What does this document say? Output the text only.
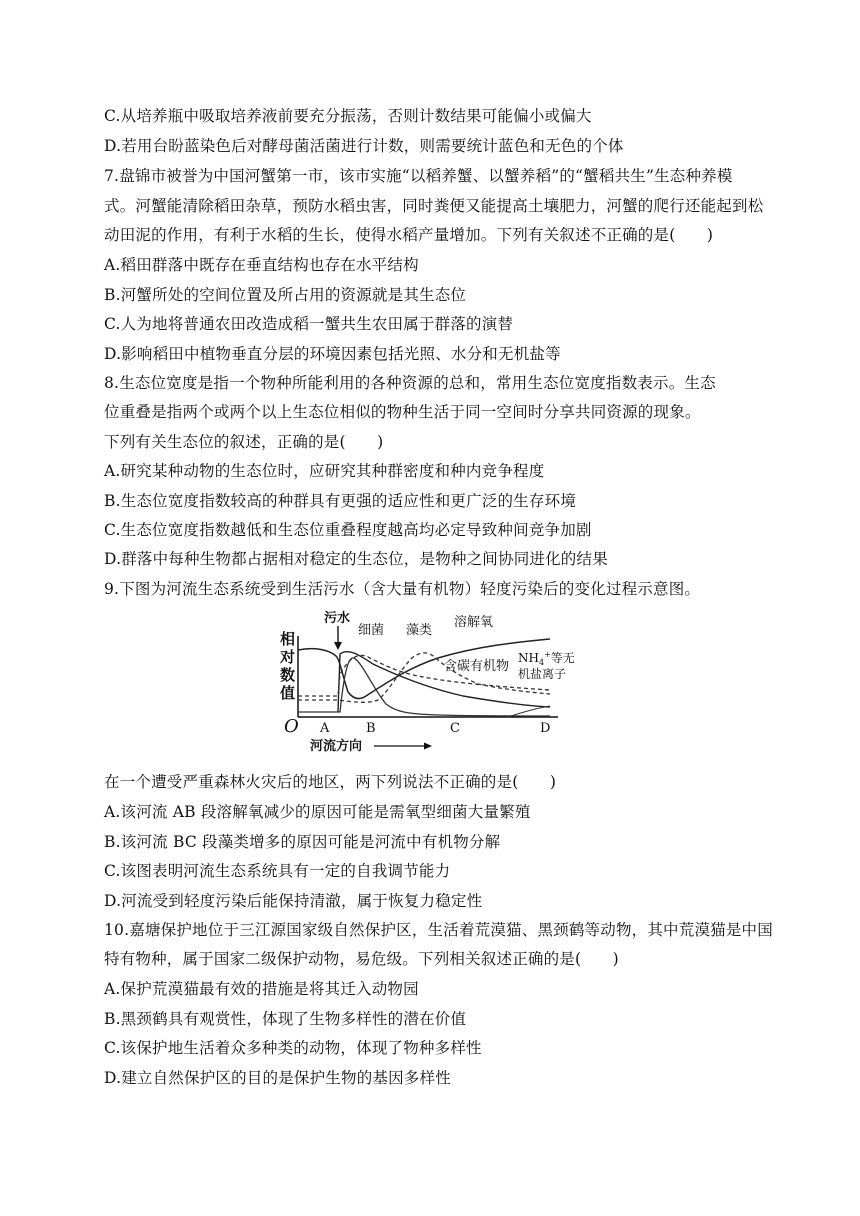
C.从培养瓶中吸取培养液前要充分振荡，否则计数结果可能偏小或偏大
D.若用台盼蓝染色后对酵母菌活菌进行计数，则需要统计蓝色和无色的个体
7.盘锦市被誉为中国河蟹第一市，该市实施“以稻养蟹、以蟹养稻”的“蟹稻共生”生态种养模
式。河蟹能清除稻田杂草，预防水稻虫害，同时粪便又能提高土壤肥力，河蟹的爬行还能起到松
动田泥的作用，有利于水稻的生长，使得水稻产量增加。下列有关叙述不正确的是(　　)
A.稻田群落中既存在垂直结构也存在水平结构
B.河蟹所处的空间位置及所占用的资源就是其生态位
C.人为地将普通农田改造成稻一蟹共生农田属于群落的演替
D.影响稻田中植物垂直分层的环境因素包括光照、水分和无机盐等
8.生态位宽度是指一个物种所能利用的各种资源的总和，常用生态位宽度指数表示。生态
位重叠是指两个或两个以上生态位相似的物种生活于同一空间时分享共同资源的现象。
下列有关生态位的叙述，正确的是(　　)
A.研究某种动物的生态位时，应研究其种群密度和种内竞争程度
B.生态位宽度指数较高的种群具有更强的适应性和更广泛的生存环境
C.生态位宽度指数越低和生态位重叠程度越高均必定导致种间竞争加剧
D.群落中每种生物都占据相对稳定的生态位，是物种之间协同进化的结果
9.下图为河流生态系统受到生活污水（含大量有机物）轻度污染后的变化过程示意图。
相
对
数
值
污水
细菌 藻类
溶解氧
含碳有机物
$NH_4^+$等无
机盐离子
O A	B	C	D
河流方向
在一个遭受严重森林火灾后的地区，两下列说法不正确的是(　　)
A.该河流 AB 段溶解氧减少的原因可能是需氧型细菌大量繁殖
B.该河流 BC 段藻类增多的原因可能是河流中有机物分解
C.该图表明河流生态系统具有一定的自我调节能力
D.河流受到轻度污染后能保持清澈，属于恢复力稳定性
10.嘉塘保护地位于三江源国家级自然保护区，生活着荒漠猫、黑颈鹤等动物，其中荒漠猫是中国
特有物种，属于国家二级保护动物，易危级。下列相关叙述正确的是(　　)
A.保护荒漠猫最有效的措施是将其迁入动物园
B.黑颈鹤具有观赏性，体现了生物多样性的潜在价值
C.该保护地生活着众多种类的动物，体现了物种多样性
D.建立自然保护区的目的是保护生物的基因多样性
